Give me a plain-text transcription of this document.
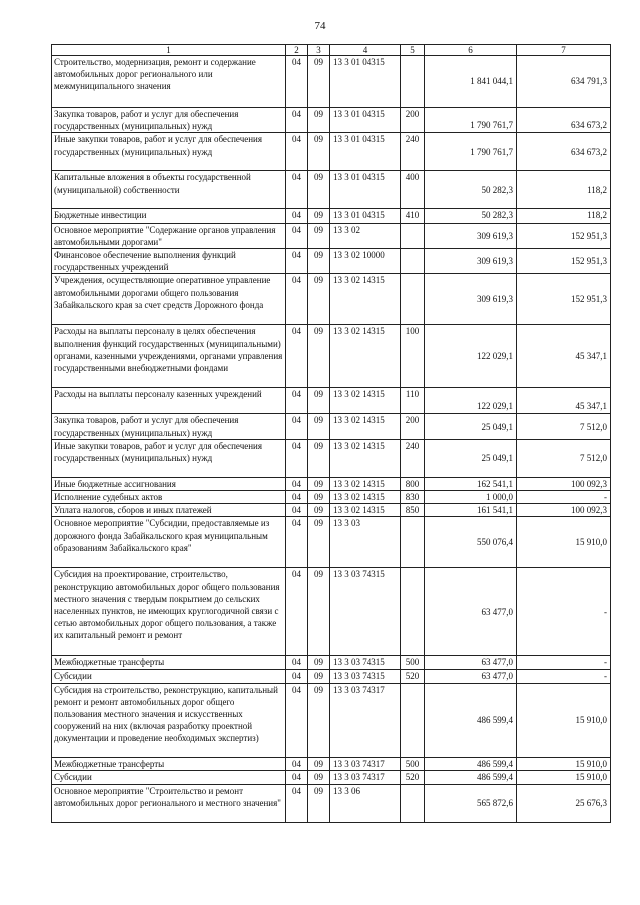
74
1	2	3	4	5	6	7
Строительство, модернизация, ремонт и содержание автомобильных дорог регионального или межмуниципального значения	04	09	13 3 01 04315		1 841 044,1	634 791,3
Закупка товаров, работ и услуг для обеспечения государственных (муниципальных) нужд	04	09	13 3 01 04315	200	1 790 761,7	634 673,2
Иные закупки товаров, работ и услуг для обеспечения государственных (муниципальных) нужд	04	09	13 3 01 04315	240	1 790 761,7	634 673,2
Капитальные вложения в объекты государственной (муниципальной) собственности	04	09	13 3 01 04315	400	50 282,3	118,2
Бюджетные инвестиции	04	09	13 3 01 04315	410	50 282,3	118,2
Основное мероприятие "Содержание органов управления автомобильными дорогами"	04	09	13 3 02		309 619,3	152 951,3
Финансовое обеспечение выполнения функций государственных учреждений	04	09	13 3 02 10000		309 619,3	152 951,3
Учреждения, осуществляющие оперативное управление автомобильными дорогами общего пользования Забайкальского края за счет средств Дорожного фонда	04	09	13 3 02 14315		309 619,3	152 951,3
Расходы на выплаты персоналу в целях обеспечения выполнения функций государственных (муниципальными) органами, казенными учреждениями, органами управления государственными внебюджетными фондами	04	09	13 3 02 14315	100	122 029,1	45 347,1
Расходы на выплаты персоналу казенных учреждений	04	09	13 3 02 14315	110	122 029,1	45 347,1
Закупка товаров, работ и услуг для обеспечения государственных (муниципальных) нужд	04	09	13 3 02 14315	200	25 049,1	7 512,0
Иные закупки товаров, работ и услуг для обеспечения государственных (муниципальных) нужд	04	09	13 3 02 14315	240	25 049,1	7 512,0
Иные бюджетные ассигнования	04	09	13 3 02 14315	800	162 541,1	100 092,3
Исполнение судебных актов	04	09	13 3 02 14315	830	1 000,0	-
Уплата налогов, сборов и иных платежей	04	09	13 3 02 14315	850	161 541,1	100 092,3
Основное мероприятие "Субсидии, предоставляемые из дорожного фонда Забайкальского края муниципальным образованиям Забайкальского края"	04	09	13 3 03		550 076,4	15 910,0
Субсидия на проектирование, строительство, реконструкцию автомобильных дорог общего пользования местного значения с твердым покрытием до сельских населенных пунктов, не имеющих круглогодичной связи с сетью автомобильных дорог общего пользования, а также их капитальный ремонт и ремонт	04	09	13 3 03 74315		63 477,0	-
Межбюджетные трансферты	04	09	13 3 03 74315	500	63 477,0	-
Субсидии	04	09	13 3 03 74315	520	63 477,0	-
Субсидия на строительство, реконструкцию, капитальный ремонт и ремонт автомобильных дорог общего пользования местного значения и искусственных сооружений на них (включая разработку проектной документации и проведение необходимых экспертиз)	04	09	13 3 03 74317		486 599,4	15 910,0
Межбюджетные трансферты	04	09	13 3 03 74317	500	486 599,4	15 910,0
Субсидии	04	09	13 3 03 74317	520	486 599,4	15 910,0
Основное мероприятие "Строительство и ремонт автомобильных дорог регионального и местного значения"	04	09	13 3 06		565 872,6	25 676,3
